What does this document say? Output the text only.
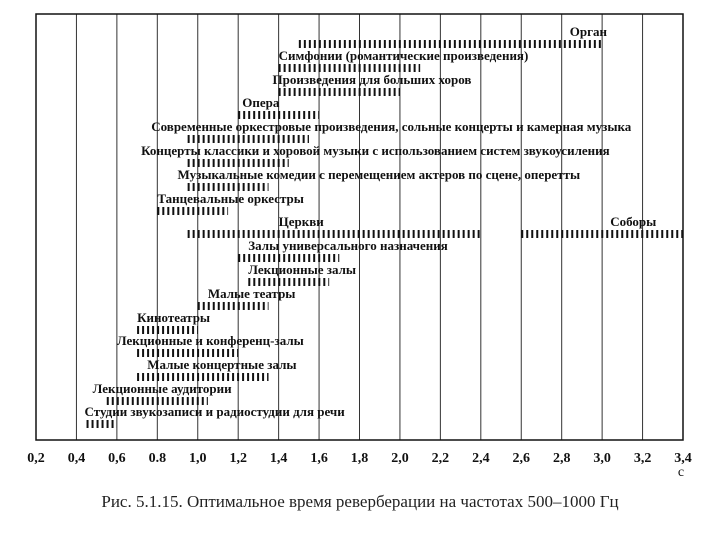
Орган
Симфонии (романтические произведения)
Произведения для больших хоров
Опера
Современные оркестровые произведения, сольные концерты и камерная музыка
Концерты классики и хоровой музыки с использованием систем звукоусиления
Музыкальные комедии с перемещением актеров по сцене, оперетты
Танцевальные оркестры
Церкви	Соборы
Залы универсального назначения
Лекционные залы
Малые театры
Кинотеатры
Лекционные и конференц-залы
Малые концертные залы
Лекционные аудитории
Студии звукозаписи и радиостудии для речи
0,2 0,4 0,6 0.8 1,0 1,2 1,4 1,6 1,8 2,0 2,2 2,4 2,6 2,8 3,0 3,2 3,4
с
Рис. 5.1.15. Оптимальное время реверберации на частотах 500–1000 Гц
